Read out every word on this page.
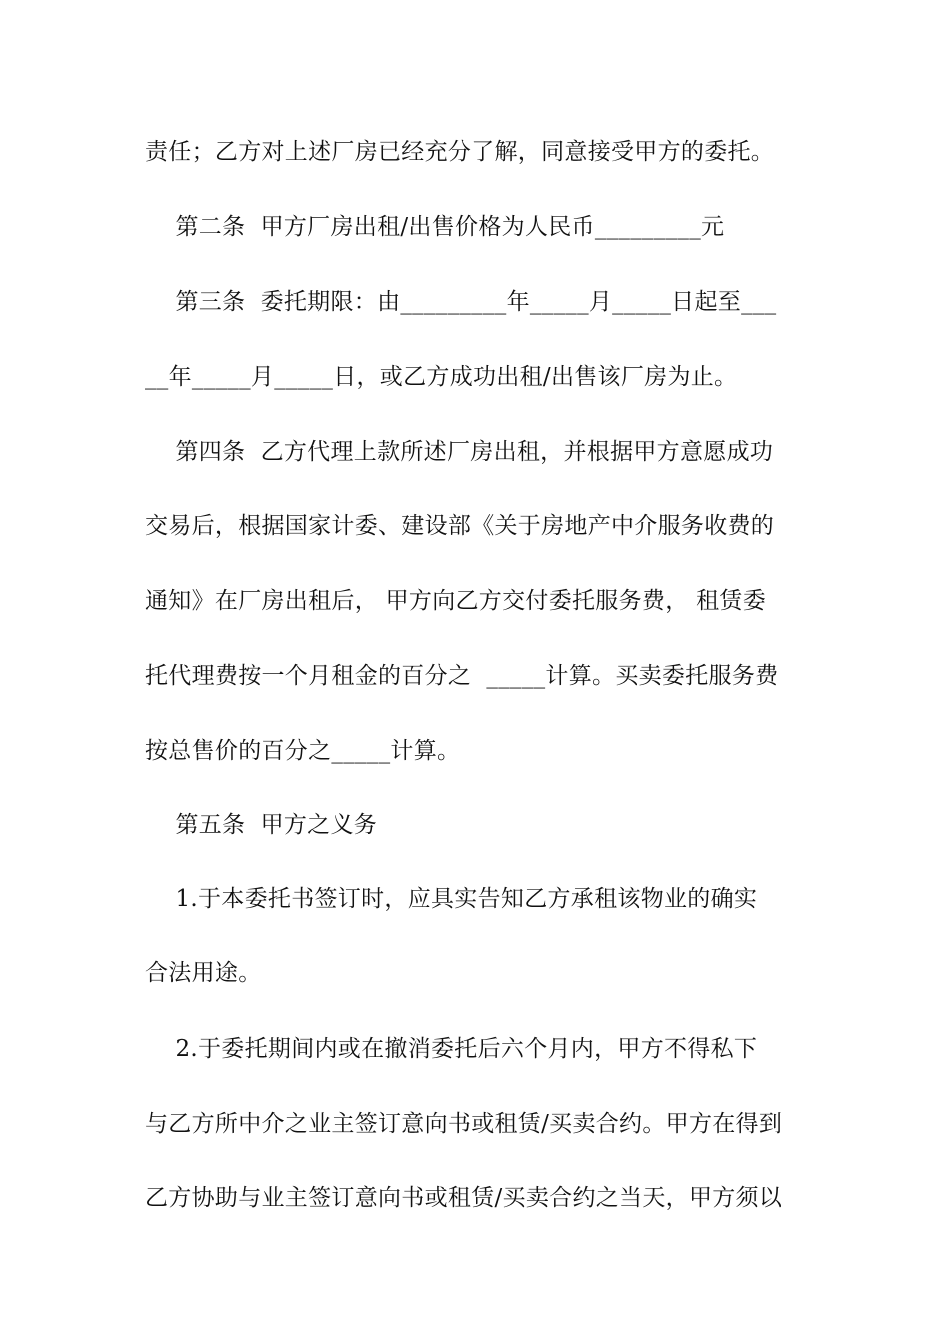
责任；乙方对上述厂房已经充分了解，同意接受甲方的委托。
第二条  甲方厂房出租/出售价格为人民币_________元
第三条  委托期限：由_________年_____月_____日起至___
__年_____月_____日，或乙方成功出租/出售该厂房为止。
第四条  乙方代理上款所述厂房出租，并根据甲方意愿成功
交易后，根据国家计委、建设部《关于房地产中介服务收费的
通知》在厂房出租后， 甲方向乙方交付委托服务费， 租赁委
托代理费按一个月租金的百分之  _____计算。买卖委托服务费
按总售价的百分之_____计算。
第五条  甲方之义务
1.于本委托书签订时，应具实告知乙方承租该物业的确实
合法用途。
2.于委托期间内或在撤消委托后六个月内，甲方不得私下
与乙方所中介之业主签订意向书或租赁/买卖合约。甲方在得到
乙方协助与业主签订意向书或租赁/买卖合约之当天，甲方须以
